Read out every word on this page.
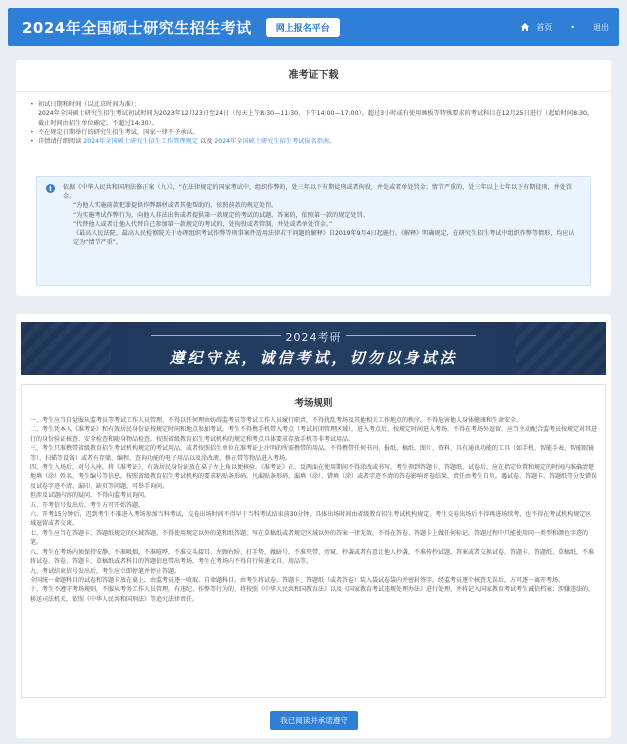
2024年全国硕士研究生招生考试	网上报名平台	首页 • 退出
准考证下载
• 初试日期和时间（以北京时间为准）：
2024年全国硕士研究生招生考试初试时间为2023年12月23日至24日（每天上午8:30—11:30，下午14:00—17:00）。超过3小时或有使用画板等特殊要求的考试科目在12月25日进行（起始时间8:30，截止时间由招生单位确定，不超过14:30）。
• 不在规定日期举行的研究生招生考试，国家一律不予承认。
• 详情请仔细阅读 2024年全国硕士研究生招生工作管理规定 以及 2024年全国硕士研究生招生考试报名指南。
i	依据《中华人民共和国刑法修正案（九）》，“在法律规定的国家考试中，组织作弊的，处三年以下有期徒刑或者拘役，并处或者单处罚金；情节严重的，处三年以上七年以下有期徒刑，并处罚金。

“为他人实施前款犯罪提供作弊器材或者其他帮助的，依照前款的规定处罚。

“为实施考试作弊行为，向他人非法出售或者提供第一款规定的考试的试题、答案的，依照第一款的规定处罚。

“代替他人或者让他人代替自己参加第一款规定的考试的，处拘役或者管制，并处或者单处罚金。”

《最高人民法院、最高人民检察院关于办理组织考试作弊等刑事案件适用法律若干问题的解释》自2019年9月4日起施行。《解释》明确规定，在研究生招生考试中组织作弊等情形，均应认定为“情节严重”。

2024考研
遵纪守法，诚信考试，切勿以身试法
考场规则

一、考生应当自觉服从监考员等考试工作人员管理，不得以任何理由妨碍监考员等考试工作人员履行职责，不得扰乱考场及其他相关工作地点的秩序，不得危害他人身体健康和生命安全。

二、考生凭本人《准考证》和有效居民身份证按规定时间和地点参加考试。考生不得携手机带入考点（考试封闭管理区域），进入考点后，按规定时间进入考场，不得在考场外逗留。应当主动配合监考员按规定对其进行的身份验证核查、安全检查和随身物品检查。按照省级教育招生考试机构的规定和考点具体要求存放手机等非考试用品。

三、考生只准携带省级教育招生考试机构规定的考试用品，或者按照招生单位在准考证上注明的所需携带的用品。不得携带任何书刊、报纸、稿纸、图片、资料、具有通讯功能的工具（如手机、智能手表、智能眼镜等）、扫描等设备）或者有存储、编程、查询功能的电子用品以及涂改液、修正带等物品进入考场。

四、考生入场后，对号入座，将《准考证》、有效居民身份证放在桌子左上角以便核验。《准考证》正、反两面在使用期间不得涂改或书写。考生领到答题卡、答题纸、试卷后，应在指定位置和规定的时间内准确清楚地填（涂）姓名、考生编号等信息。按照省级教育招生考试机构的要求粘贴条形码。凡漏贴条形码、漏填（涂）、错填（涂）或者字迹不清的答卷影响评卷结果，责任由考生自负。遇试卷、答题卡、答题纸等分发错误及试卷字迹不清、漏印、缺页等问题，可举手询问。

但涉及试题内容的疑问，不得向监考员询问。

五、开考信号发出后，考生方可开始答题。

六、开考15分钟后，迟到考生不准进入考场参加当科考试，交卷出场时间不得早于当科考试结束前30分钟，具体出场时间由省级教育招生考试机构规定。考生交卷出场后不得再进场续考，也不得在考试机构规定区域逗留或者交谈。

七、考生应当在答题卡、答题纸规定的区域答题。不得使用规定以外的笔和纸答题，写在草稿纸或者规定区域以外的答案一律无效，不得在答卷、答题卡上做任何标记。答题过程中只能使用同一类型和颜色字迹的笔。

八、考生在考场内须保持安静，不准吸烟，不准喧哗，不准交头接耳、左顾右盼、打手势、做暗号，不准夹带、旁窥、抄袭或者有意让他人抄袭，不准传抄试题、答案或者交换试卷、答题卡、答题纸、草稿纸，不准将试卷、答卷、答题卡、草稿纸或者科目的答题信息带出考场，考生在考场内不得自行传递文具、用品等。

九、考试结束信号发出后，考生应立即停笔并停止答题。

全国统一命题科目的试卷和答题卡放在桌上，由监考员逐一收取。自命题科目，由考生将试卷、答题卡、答题纸（或者答卷）装入袋试卷袋内并密封签字。经监考员逐个核查无误后，方可逐一离开考场。

十、考生不遵守考场规则，不服从考务工作人员管理，有违纪、作弊等行为的，将按照《中华人民共和国教育法》以及《国家教育考试违规处理办法》进行处理，并将记入国家教育考试考生诚信档案；涉嫌违法的，移送司法机关，依照《中华人民共和国刑法》等追究法律责任。

我已阅读并承诺遵守
